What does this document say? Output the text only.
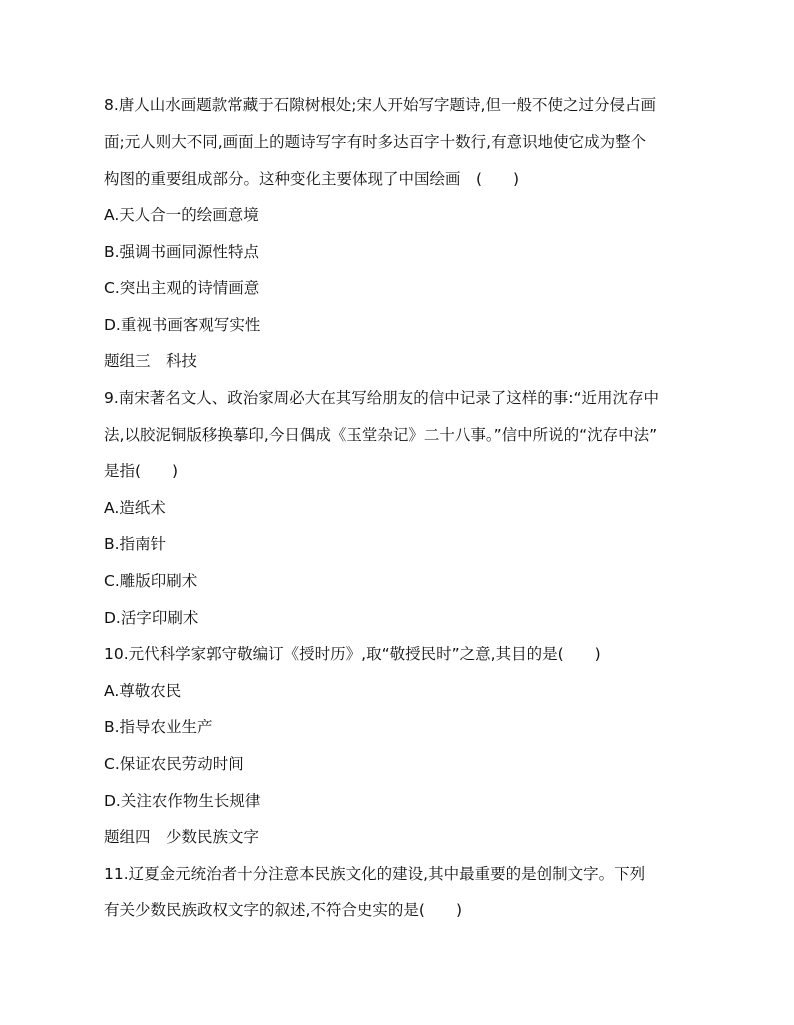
8.唐人山水画题款常藏于石隙树根处;宋人开始写字题诗,但一般不使之过分侵占画
面;元人则大不同,画面上的题诗写字有时多达百字十数行,有意识地使它成为整个
构图的重要组成部分。这种变化主要体现了中国绘画　(　　)
A.天人合一的绘画意境
B.强调书画同源性特点
C.突出主观的诗情画意
D.重视书画客观写实性
题组三　科技
9.南宋著名文人、政治家周必大在其写给朋友的信中记录了这样的事:“近用沈存中
法,以胶泥铜版移换摹印,今日偶成《玉堂杂记》二十八事。”信中所说的“沈存中法”
是指(　　)
A.造纸术
B.指南针
C.雕版印刷术
D.活字印刷术
10.元代科学家郭守敬编订《授时历》,取“敬授民时”之意,其目的是(　　)
A.尊敬农民
B.指导农业生产
C.保证农民劳动时间
D.关注农作物生长规律
题组四　少数民族文字
11.辽夏金元统治者十分注意本民族文化的建设,其中最重要的是创制文字。下列
有关少数民族政权文字的叙述,不符合史实的是(　　)
